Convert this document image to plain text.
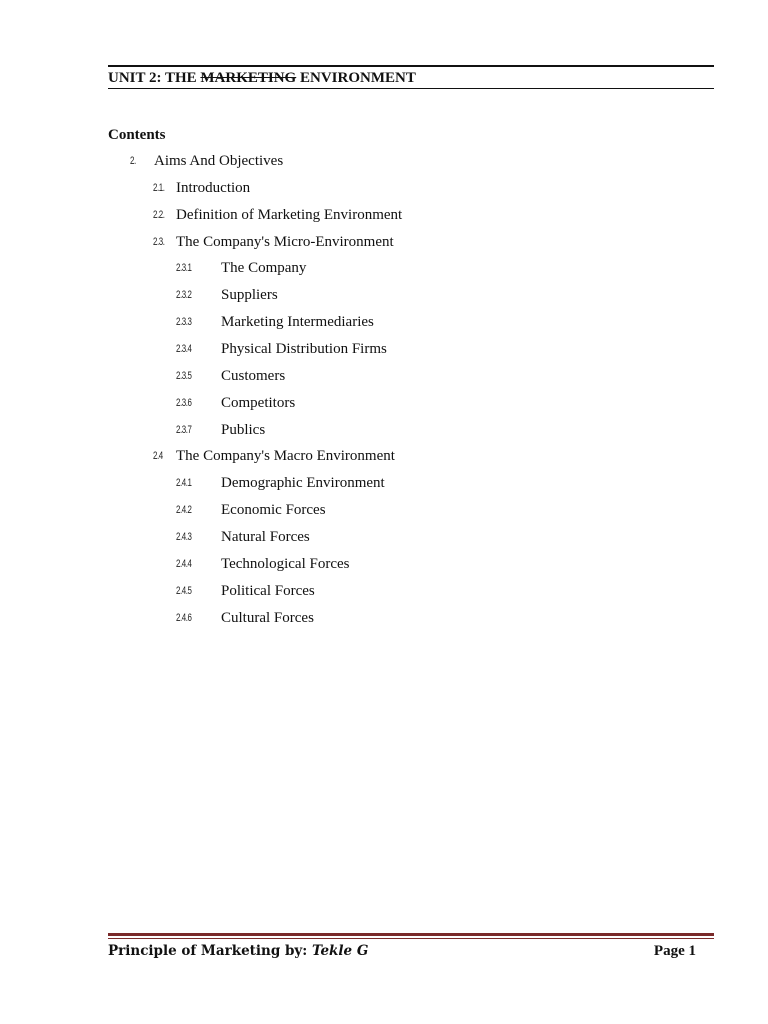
UNIT 2: THE MARKETING ENVIRONMENT
Contents
2. Aims And Objectives
2.1. Introduction
2.2. Definition of Marketing Environment
2.3. The Company's Micro-Environment
2.3.1 The Company
2.3.2 Suppliers
2.3.3 Marketing Intermediaries
2.3.4 Physical Distribution Firms
2.3.5 Customers
2.3.6 Competitors
2.3.7 Publics
2.4 The Company's Macro Environment
2.4.1 Demographic Environment
2.4.2 Economic Forces
2.4.3 Natural Forces
2.4.4 Technological Forces
2.4.5 Political Forces
2.4.6 Cultural Forces
Principle of Marketing by: Tekle G	Page 1
